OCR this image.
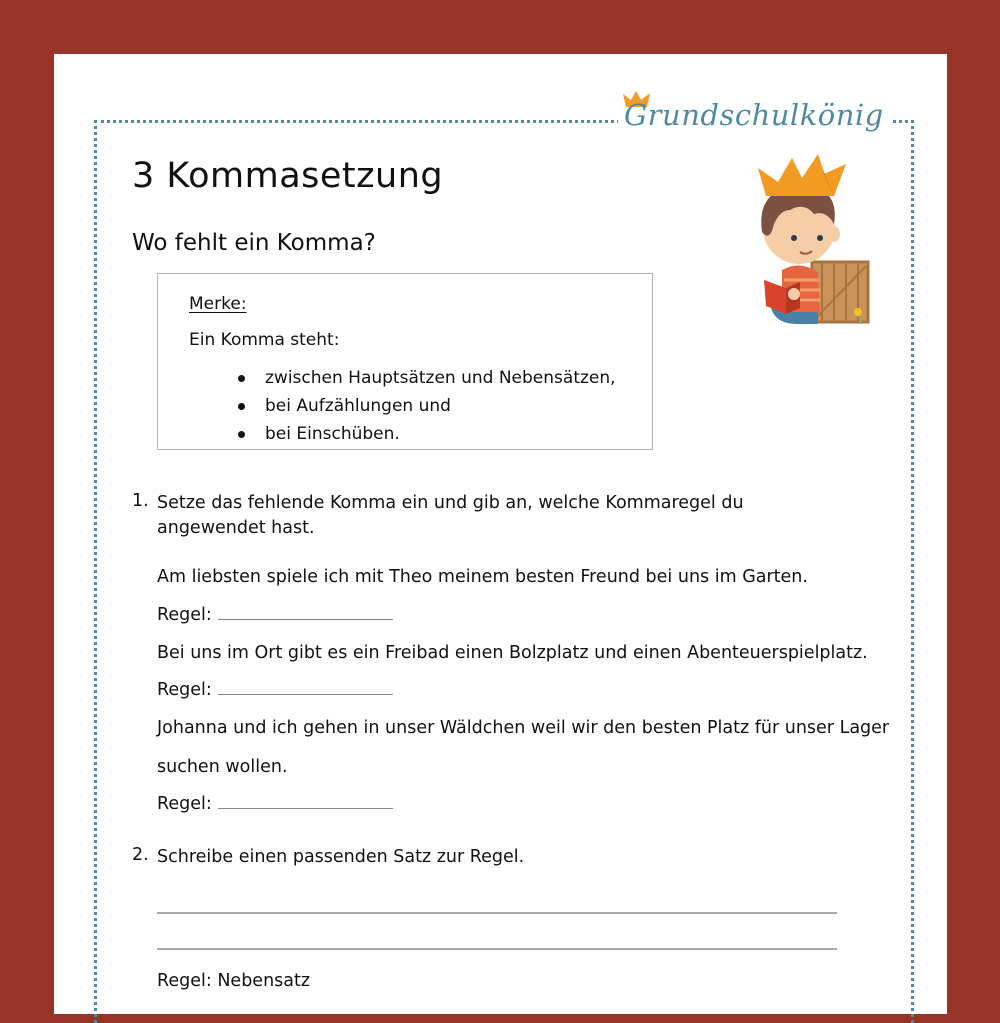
Grundschulkönig
3 Kommasetzung
Wo fehlt ein Komma?
Merke:
Ein Komma steht:
zwischen Hauptsätzen und Nebensätzen,
bei Aufzählungen und
bei Einschüben.
1. Setze das fehlende Komma ein und gib an, welche Kommaregel du angewendet hast.
Am liebsten spiele ich mit Theo meinem besten Freund bei uns im Garten.
Regel:
Bei uns im Ort gibt es ein Freibad einen Bolzplatz und einen Abenteuerspielplatz.
Regel:
Johanna und ich gehen in unser Wäldchen weil wir den besten Platz für unser Lager
suchen wollen.
Regel:
2. Schreibe einen passenden Satz zur Regel.
Regel: Nebensatz
